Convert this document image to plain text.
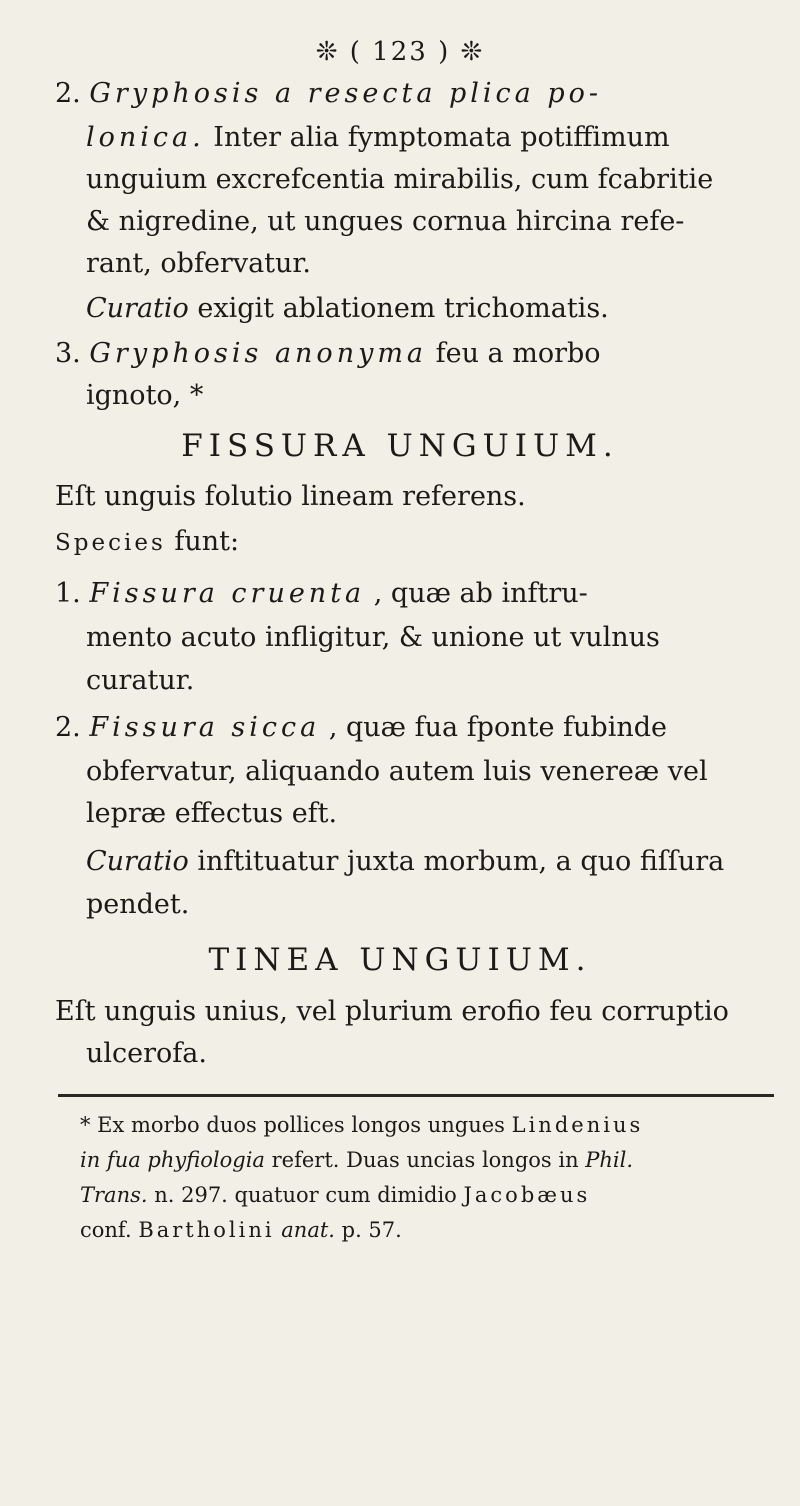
❊ ( 123 ) ❊
2. Gryphosis a resecta plica po-
lonica. Inter alia fymptomata potiffimum
unguium excrefcentia mirabilis, cum fcabritie
& nigredine, ut ungues cornua hircina refe-
rant, obfervatur.
Curatio exigit ablationem trichomatis.
3. Gryphosis anonyma feu a morbo
ignoto, *
FISSURA UNGUIUM.
Eſt unguis folutio lineam referens.
Species funt:
1. Fissura cruenta , quæ ab inftru-
mento acuto infligitur, & unione ut vulnus
curatur.
2. Fissura sicca , quæ fua fponte fubinde
obfervatur, aliquando autem luis venereæ vel
lepræ effectus eft.
Curatio inftituatur juxta morbum, a quo fiſſura
pendet.
TINEA UNGUIUM.
Eſt unguis unius, vel plurium erofio feu corruptio
ulcerofa.
* Ex morbo duos pollices longos ungues Lindenius
in fua phyfiologia refert. Duas uncias longos in Phil.
Trans. n. 297. quatuor cum dimidio Jacobæus
conf. Bartholini anat. p. 57.
